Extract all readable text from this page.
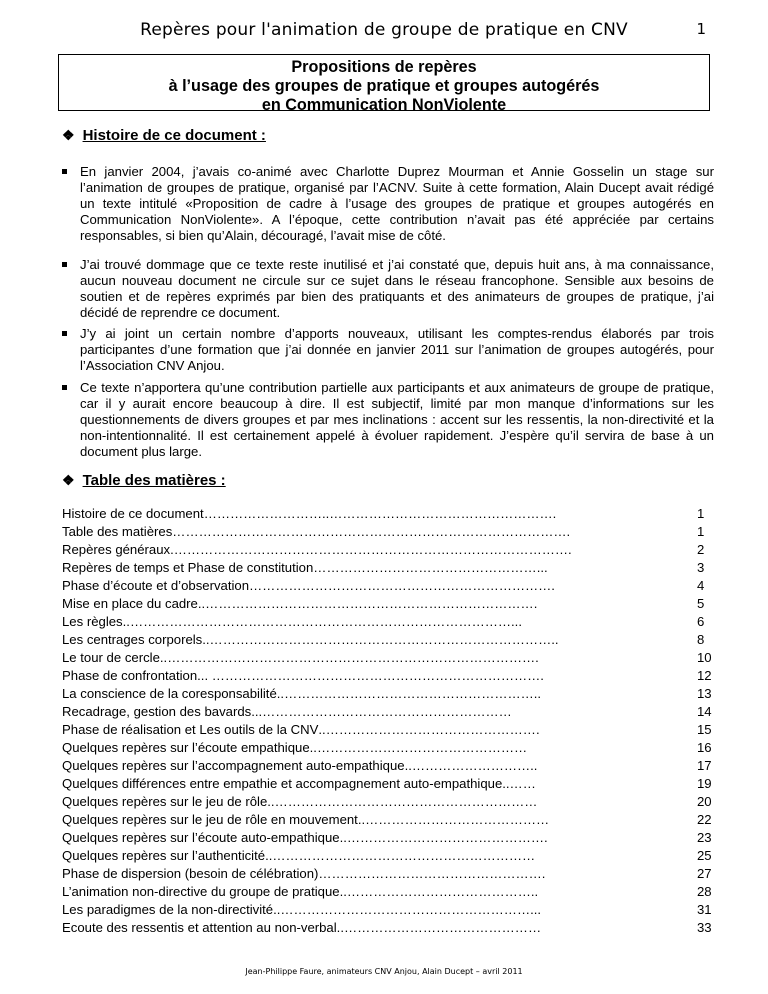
Repères pour l'animation de groupe de pratique en CNV	1
Propositions de repères
à l’usage des groupes de pratique et groupes autogérés
en Communication NonViolente
❖ Histoire de ce document :
En janvier 2004, j’avais co-animé avec Charlotte Duprez Mourman et Annie Gosselin un stage sur l’animation de groupes de pratique, organisé par l’ACNV. Suite à cette formation, Alain Ducept avait rédigé un texte intitulé «Proposition de cadre à l’usage des groupes de pratique et groupes autogérés en Communication NonViolente». A l’époque, cette contribution n’avait pas été appréciée par certains responsables, si bien qu’Alain, découragé, l’avait mise de côté.
J’ai trouvé dommage que ce texte reste inutilisé et j’ai constaté que, depuis huit ans, à ma connaissance, aucun nouveau document ne circule sur ce sujet dans le réseau francophone. Sensible aux besoins de soutien et de repères exprimés par bien des pratiquants et des animateurs de groupes de pratique, j’ai décidé de reprendre ce document.
J’y ai joint un certain nombre d’apports nouveaux, utilisant les comptes-rendus élaborés par trois participantes d’une formation que j’ai donnée en janvier 2011 sur l’animation de groupes autogérés, pour l’Association CNV Anjou.
Ce texte n’apportera qu’une contribution partielle aux participants et aux animateurs de groupe de pratique, car il y aurait encore beaucoup à dire. Il est subjectif, limité par mon manque d’informations sur les questionnements de divers groupes et par mes inclinations : accent sur les ressentis, la non-directivité et la non-intentionnalité. Il est certainement appelé à évoluer rapidement. J’espère qu’il servira de base à un document plus large.
❖ Table des matières :
Histoire de ce document ………………………..…………………………………………….	1
Table des matières ……………………………………………………………………………….	1
Repères généraux .……………………………………………………………………………….	2
Repères de temps et Phase de constitution ……………………………………………...	3
Phase d’écoute et d’observation …………………………………………………………….	4
Mise en place du cadre ..………………………………………………………………….	5
Les règles ..……………………………………………………………………………...	6
Les centrages corporels ..……………………………………………………………………..	8
Le tour de cercle ..………………………………………………………………………….	10
Phase de confrontation ... ………………………………………………………………….	12
La conscience de la coresponsabilité ..…………………………………………………..	13
Recadrage, gestion des bavards ...…………………………………………………	14
Phase de réalisation et Les outils de la CNV ..………………………………………….	15
Quelques repères sur l’écoute empathique ..…………………………………………	16
Quelques repères sur l’accompagnement auto-empathique ..………………………..	17
Quelques différences entre empathie et accompagnement auto-empathique ..……	19
Quelques repères sur le jeu de rôle ..……………………………………………………	20
Quelques repères sur le jeu de rôle en mouvement ..……………………………………	22
Quelques repères sur l’écoute auto-empathique ..……………………………………….	23
Quelques repères sur l’authenticité ..……………………………………………………	25
Phase de dispersion (besoin de célébration) …………………………………………….	27
L’animation non-directive du groupe de pratique ..……………………………………..	28
Les paradigmes de la non-directivité ..…………………………………………………...	31
Ecoute des ressentis et attention au non-verbal ..………………………………………	33
Jean-Philippe Faure, animateurs CNV Anjou, Alain Ducept – avril 2011
